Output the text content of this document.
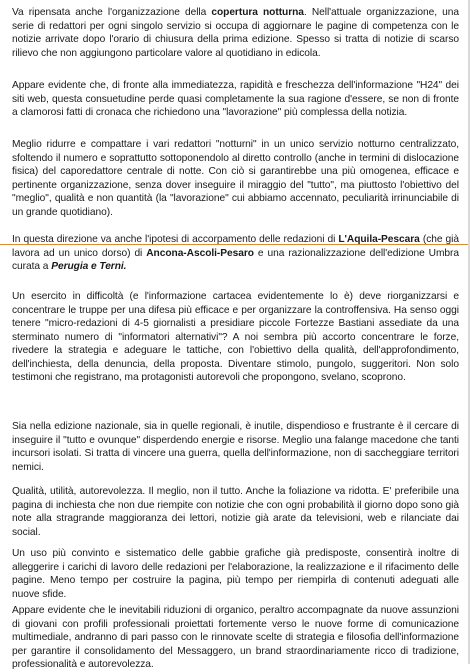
Va ripensata anche l'organizzazione della copertura notturna. Nell'attuale organizzazione, una serie di redattori per ogni singolo servizio si occupa di aggiornare le pagine di competenza con le notizie arrivate dopo l'orario di chiusura della prima edizione. Spesso si tratta di notizie di scarso rilievo che non aggiungono particolare valore al quotidiano in edicola.

Appare evidente che, di fronte alla immediatezza, rapidità e freschezza dell'informazione "H24" dei siti web, questa consuetudine perde quasi completamente la sua ragione d'essere, se non di fronte a clamorosi fatti di cronaca che richiedono una "lavorazione" più complessa della notizia.

Meglio ridurre e compattare i vari redattori "notturni" in un unico servizio notturno centralizzato, sfoltendo il numero e soprattutto sottoponendolo al diretto controllo (anche in termini di dislocazione fisica) del caporedattore centrale di notte. Con ciò si garantirebbe una più omogenea, efficace e pertinente organizzazione, senza dover inseguire il miraggio del "tutto", ma piuttosto l'obiettivo del "meglio", qualità e non quantità (la "lavorazione" cui abbiamo accennato, peculiarità irrinunciabile di un grande quotidiano).

In questa direzione va anche l'ipotesi di accorpamento delle redazioni di L'Aquila-Pescara (che già lavora ad un unico dorso) di Ancona-Ascoli-Pesaro e una razionalizzazione dell'edizione Umbra curata a Perugia e Terni.

Un esercito in difficoltà (e l'informazione cartacea evidentemente lo è) deve riorganizzarsi e concentrare le truppe per una difesa più efficace e per organizzare la controffensiva. Ha senso oggi tenere "micro-redazioni di 4-5 giornalisti a presidiare piccole Fortezze Bastiani assediate da una sterminato numero di "informatori alternativi"? A noi sembra più accorto concentrare le forze, rivedere la strategia e adeguare le tattiche, con l'obiettivo della qualità, dell'approfondimento, dell'inchiesta, della denuncia, della proposta. Diventare stimolo, pungolo, suggeritori. Non solo testimoni che registrano, ma protagonisti autorevoli che propongono, svelano, scoprono.

Sia nella edizione nazionale, sia in quelle regionali, è inutile, dispendioso e frustrante è il cercare di inseguire il "tutto e ovunque" disperdendo energie e risorse. Meglio una falange macedone che tanti incursori isolati. Si tratta di vincere una guerra, quella dell'informazione, non di saccheggiare territori nemici.

Qualità, utilità, autorevolezza. Il meglio, non il tutto. Anche la foliazione va ridotta. E' preferibile una pagina di inchiesta che non due riempite con notizie che con ogni probabilità il giorno dopo sono già note alla stragrande maggioranza dei lettori, notizie già arate da televisioni, web e rilanciate dai social.

Un uso più convinto e sistematico delle gabbie grafiche già predisposte, consentirà inoltre di alleggerire i carichi di lavoro delle redazioni per l'elaborazione, la realizzazione e il rifacimento delle pagine. Meno tempo per costruire la pagina, più tempo per riempirla di contenuti adeguati alle nuove sfide.

Appare evidente che le inevitabili riduzioni di organico, peraltro accompagnate da nuove assunzioni di giovani con profili professionali proiettati fortemente verso le nuove forme di comunicazione multimediale, andranno di pari passo con le rinnovate scelte di strategia e filosofia dell'informazione per garantire il consolidamento del Messaggero, un brand straordinariamente ricco di tradizione, professionalità e autorevolezza.
